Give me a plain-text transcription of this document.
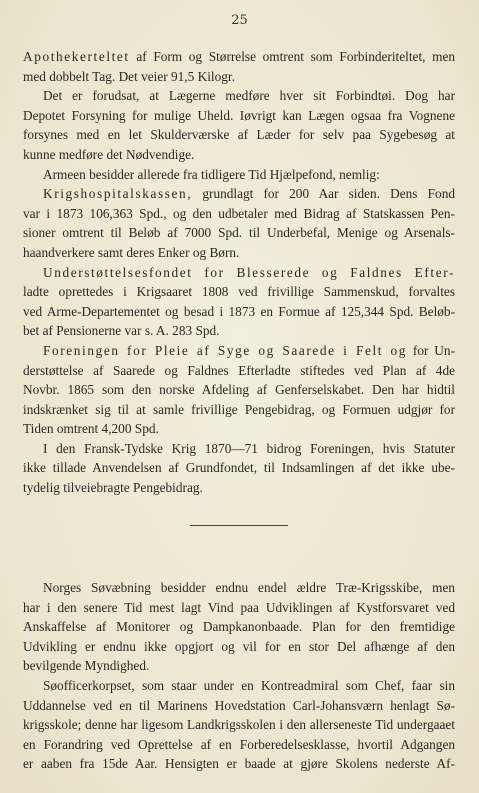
25
Apothekerteltet af Form og Størrelse omtrent som Forbinderiteltet, men
med dobbelt Tag. Det veier 91,5 Kilogr.
Det er forudsat, at Lægerne medføre hver sit Forbindtøi. Dog har
Depotet Forsyning for mulige Uheld. Iøvrigt kan Lægen ogsaa fra Vognene
forsynes med en let Skulderværske af Læder for selv paa Sygebesøg at
kunne medføre det Nødvendige.
Armeen besidder allerede fra tidligere Tid Hjælpefond, nemlig:
Krigshospitalskassen, grundlagt for 200 Aar siden. Dens Fond
var i 1873 106,363 Spd., og den udbetaler med Bidrag af Statskassen Pen-
sioner omtrent til Beløb af 7000 Spd. til Underbefal, Menige og Arsenals-
haandverkere samt deres Enker og Børn.
Understøttelsesfondet for Blesserede og Faldnes Efter-
ladte oprettedes i Krigsaaret 1808 ved frivillige Sammenskud, forvaltes
ved Arme-Departementet og besad i 1873 en Formue af 125,344 Spd. Beløb-
bet af Pensionerne var s. A. 283 Spd.
Foreningen for Pleie af Syge og Saarede i Felt og for Un-
derstøttelse af Saarede og Faldnes Efterladte stiftedes ved Plan af 4de
Novbr. 1865 som den norske Afdeling af Genferselskabet. Den har hidtil
indskrænket sig til at samle frivillige Pengebidrag, og Formuen udgjør for
Tiden omtrent 4,200 Spd.
I den Fransk-Tydske Krig 1870—71 bidrog Foreningen, hvis Statuter
ikke tillade Anvendelsen af Grundfondet, til Indsamlingen af det ikke ube-
tydelig tilveiebragte Pengebidrag.
Norges Søvæbning besidder endnu endel ældre Træ-Krigsskibe, men
har i den senere Tid mest lagt Vind paa Udviklingen af Kystforsvaret ved
Anskaffelse af Monitorer og Dampkanonbaade. Plan for den fremtidige
Udvikling er endnu ikke opgjort og vil for en stor Del afhænge af den
bevilgende Myndighed.
Søofficerkorpset, som staar under en Kontreadmiral som Chef, faar sin
Uddannelse ved en til Marinens Hovedstation Carl-Johansværn henlagt Sø-
krigsskole; denne har ligesom Landkrigsskolen i den allerseneste Tid undergaaet
en Forandring ved Oprettelse af en Forberedelsesklasse, hvortil Adgangen
er aaben fra 15de Aar. Hensigten er baade at gjøre Skolens nederste Af-
